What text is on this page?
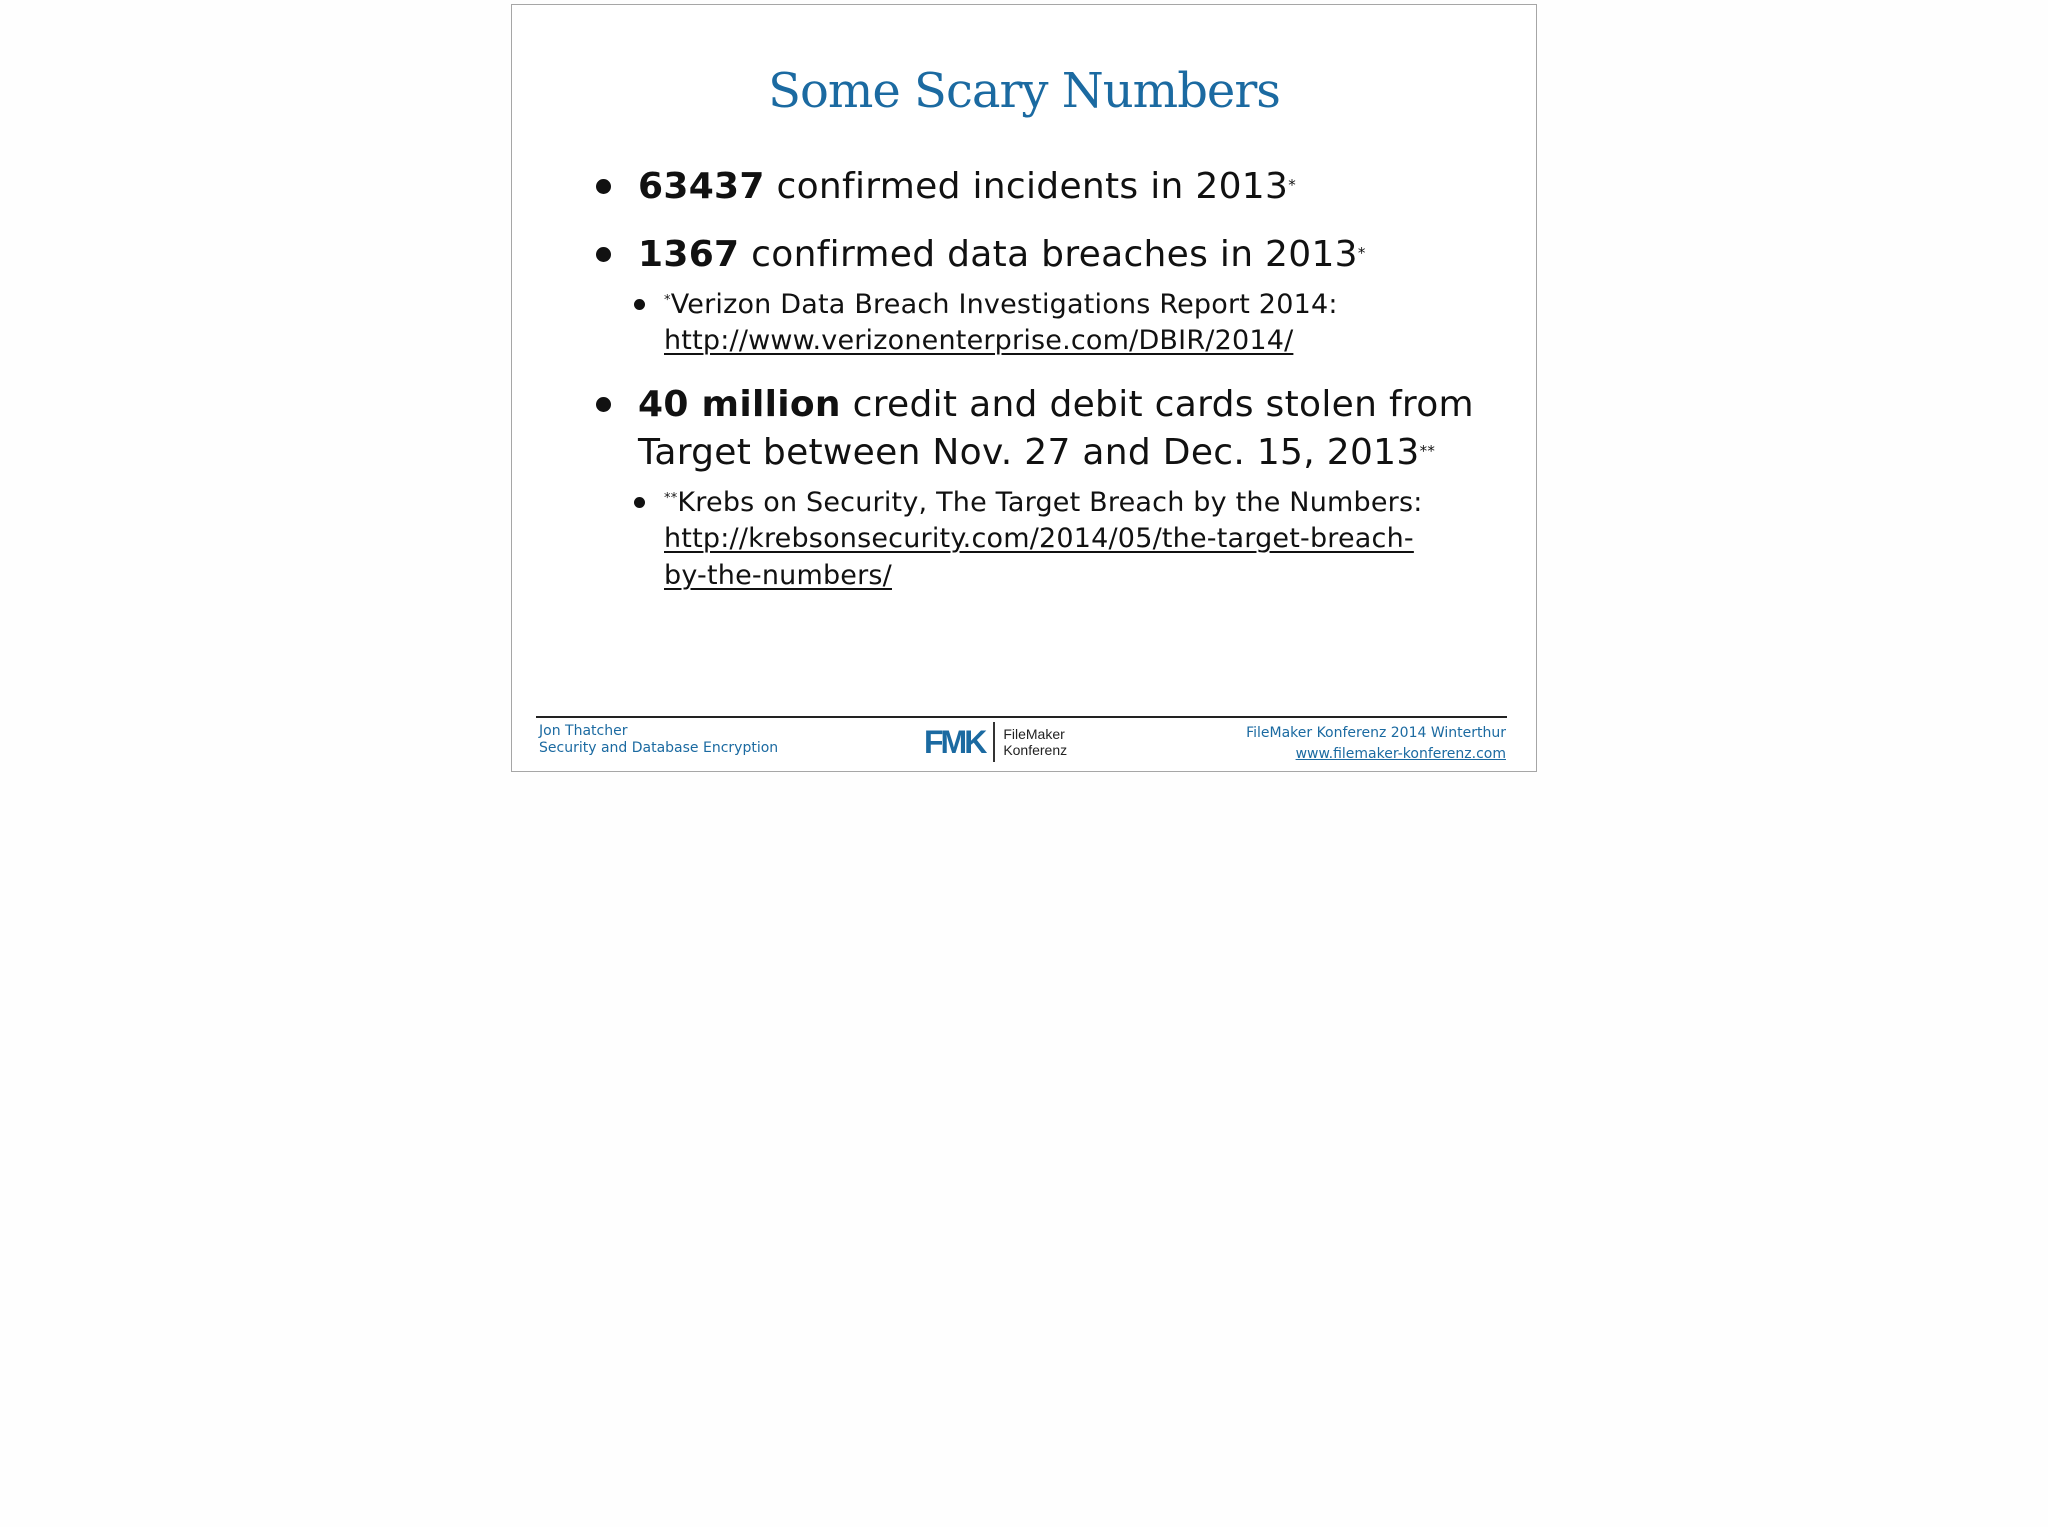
Some Scary Numbers
63437 confirmed incidents in 2013*
1367 confirmed data breaches in 2013*
*Verizon Data Breach Investigations Report 2014:
http://www.verizonenterprise.com/DBIR/2014/
40 million credit and debit cards stolen from
Target between Nov. 27 and Dec. 15, 2013**
**Krebs on Security, The Target Breach by the Numbers:
http://krebsonsecurity.com/2014/05/the-target-breach-
by-the-numbers/
Jon Thatcher
Security and Database Encryption	FMK FileMaker
Konferenz
FileMaker Konferenz 2014 Winterthur
www.filemaker-konferenz.com
